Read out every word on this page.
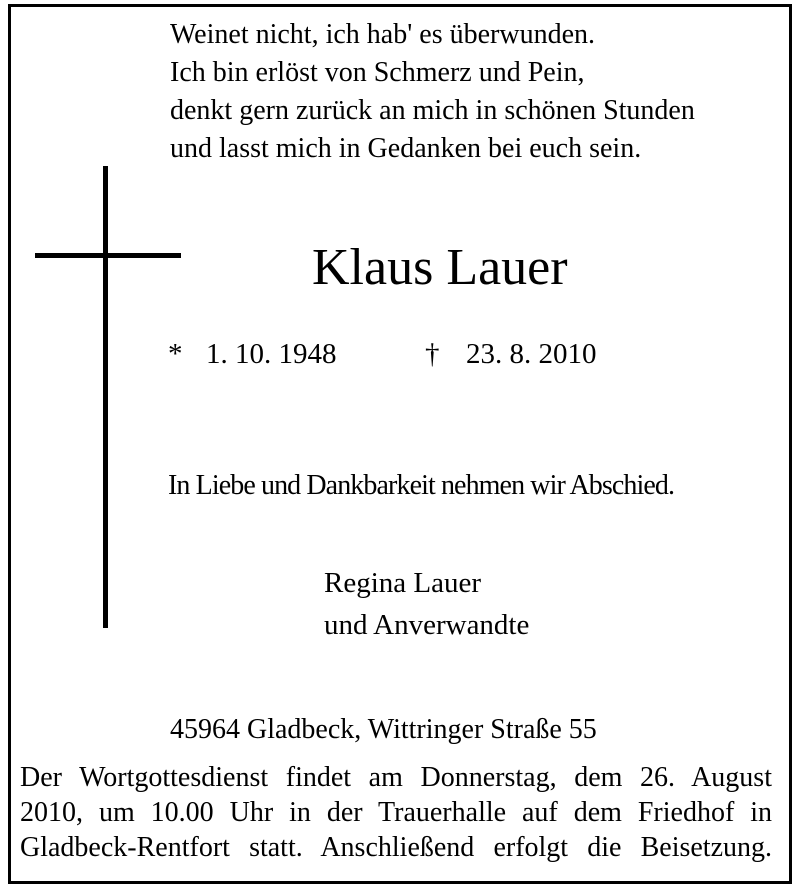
Weinet nicht, ich hab' es überwunden.
Ich bin erlöst von Schmerz und Pein,
denkt gern zurück an mich in schönen Stunden
und lasst mich in Gedanken bei euch sein.
Klaus Lauer
* 1. 10. 1948	† 23. 8. 2010
In Liebe und Dankbarkeit nehmen wir Abschied.
Regina Lauer
und Anverwandte
45964 Gladbeck, Wittringer Straße 55
Der Wortgottesdienst findet am Donnerstag, dem 26. August
2010, um 10.00 Uhr in der Trauerhalle auf dem Friedhof in
Gladbeck-Rentfort statt. Anschließend erfolgt die Beisetzung.
